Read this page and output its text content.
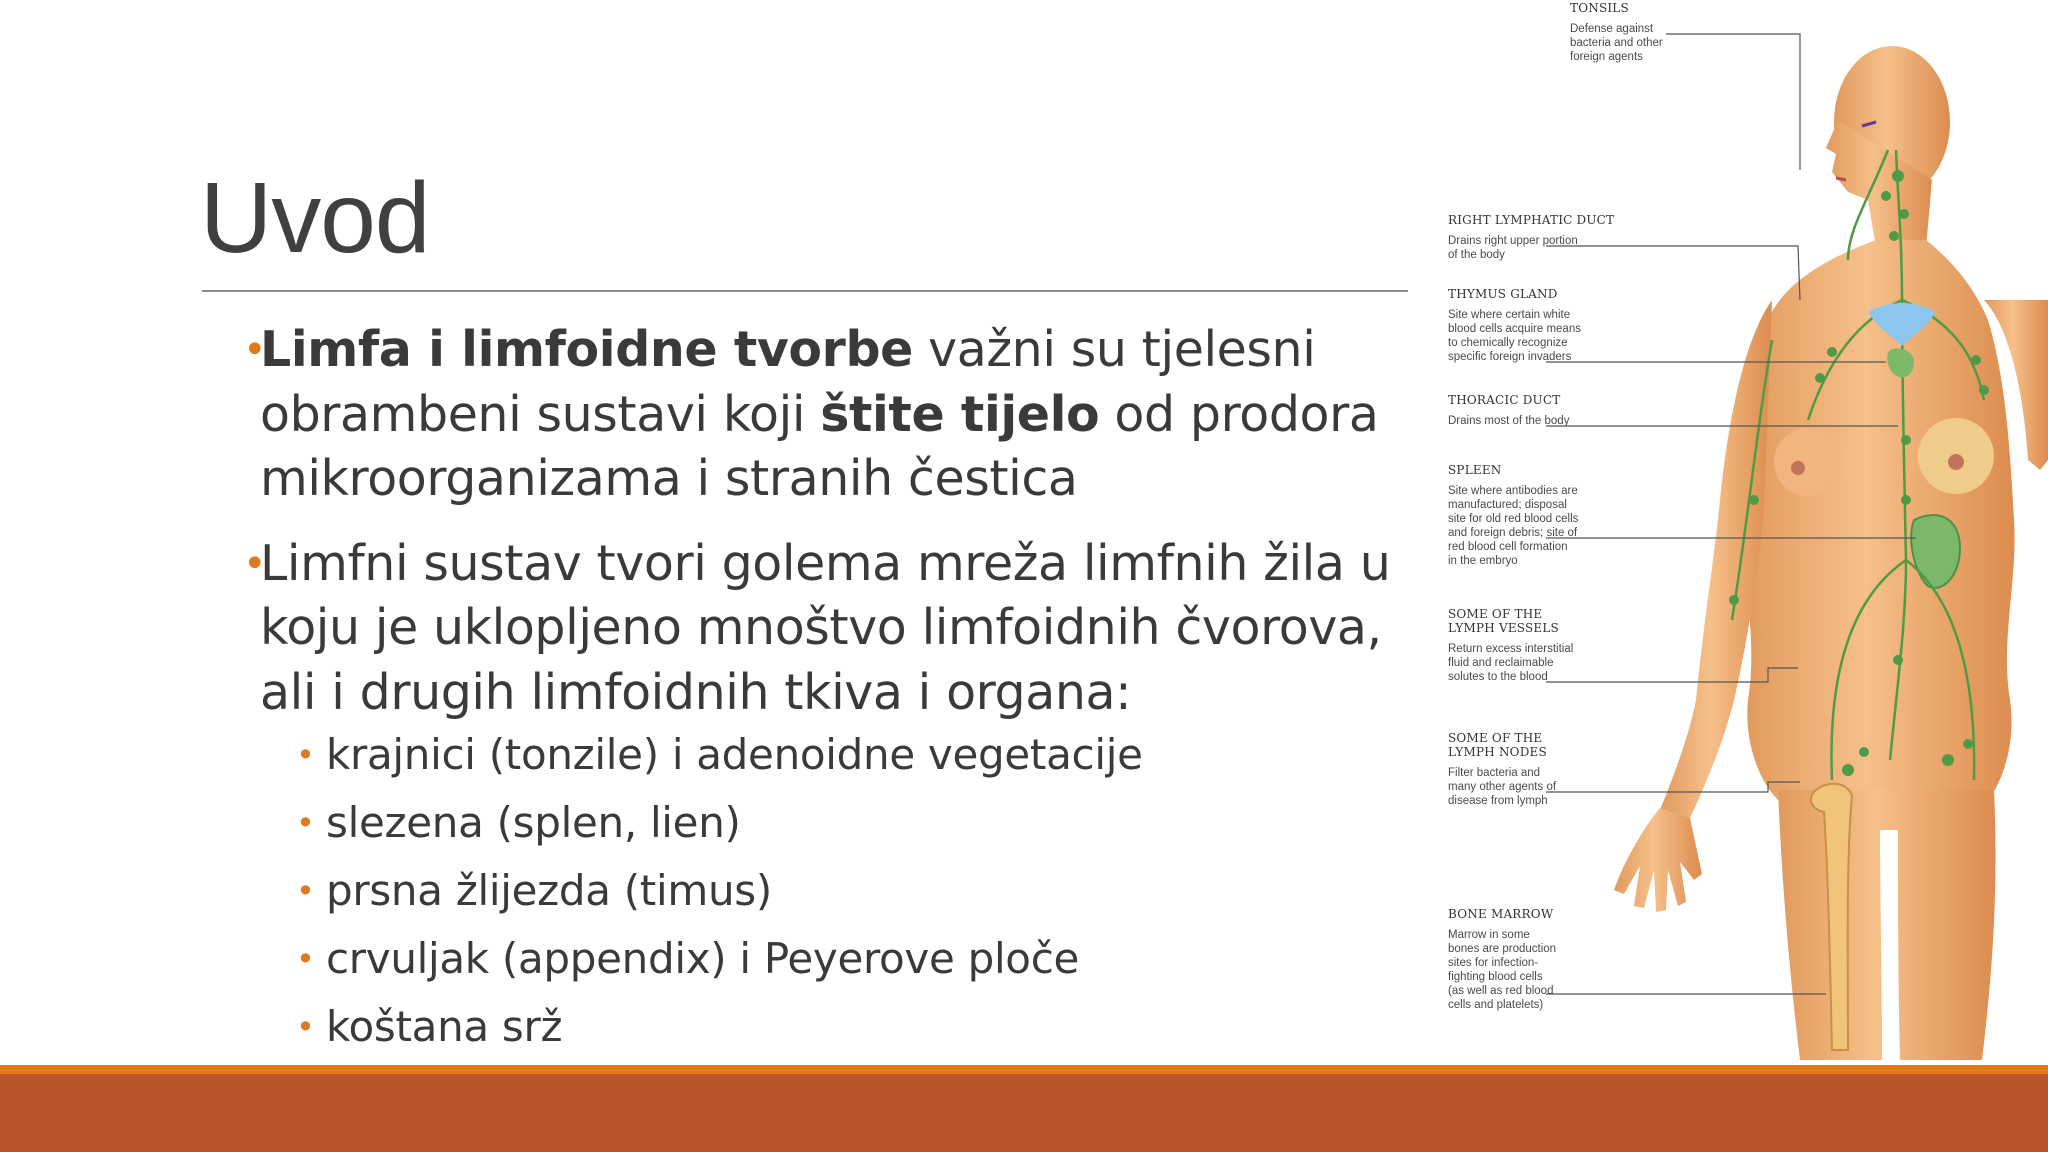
Uvod
•
Limfa i limfoidne tvorbe važni su tjelesni obrambeni sustavi koji štite tijelo od prodora mikroorganizama i stranih čestica
•
Limfni sustav tvori golema mreža limfnih žila u koju je uklopljeno mnoštvo limfoidnih čvorova, ali i drugih limfoidnih tkiva i organa:
• krajnici (tonzile) i adenoidne vegetacije
• slezena (splen, lien)
• prsna žlijezda (timus)
• crvuljak (appendix) i Peyerove ploče
• koštana srž
TONSILS
Defense against
bacteria and other
foreign agents
RIGHT LYMPHATIC DUCT
Drains right upper portion
of the body
THYMUS GLAND
Site where certain white
blood cells acquire means
to chemically recognize
specific foreign invaders
THORACIC DUCT
Drains most of the body
SPLEEN
Site where antibodies are
manufactured; disposal
site for old red blood cells
and foreign debris; site of
red blood cell formation
in the embryo
SOME OF THE
LYMPH VESSELS
Return excess interstitial
fluid and reclaimable
solutes to the blood
SOME OF THE
LYMPH NODES
Filter bacteria and
many other agents of
disease from lymph
BONE MARROW
Marrow in some
bones are production
sites for infection-
fighting blood cells
(as well as red blood
cells and platelets)
